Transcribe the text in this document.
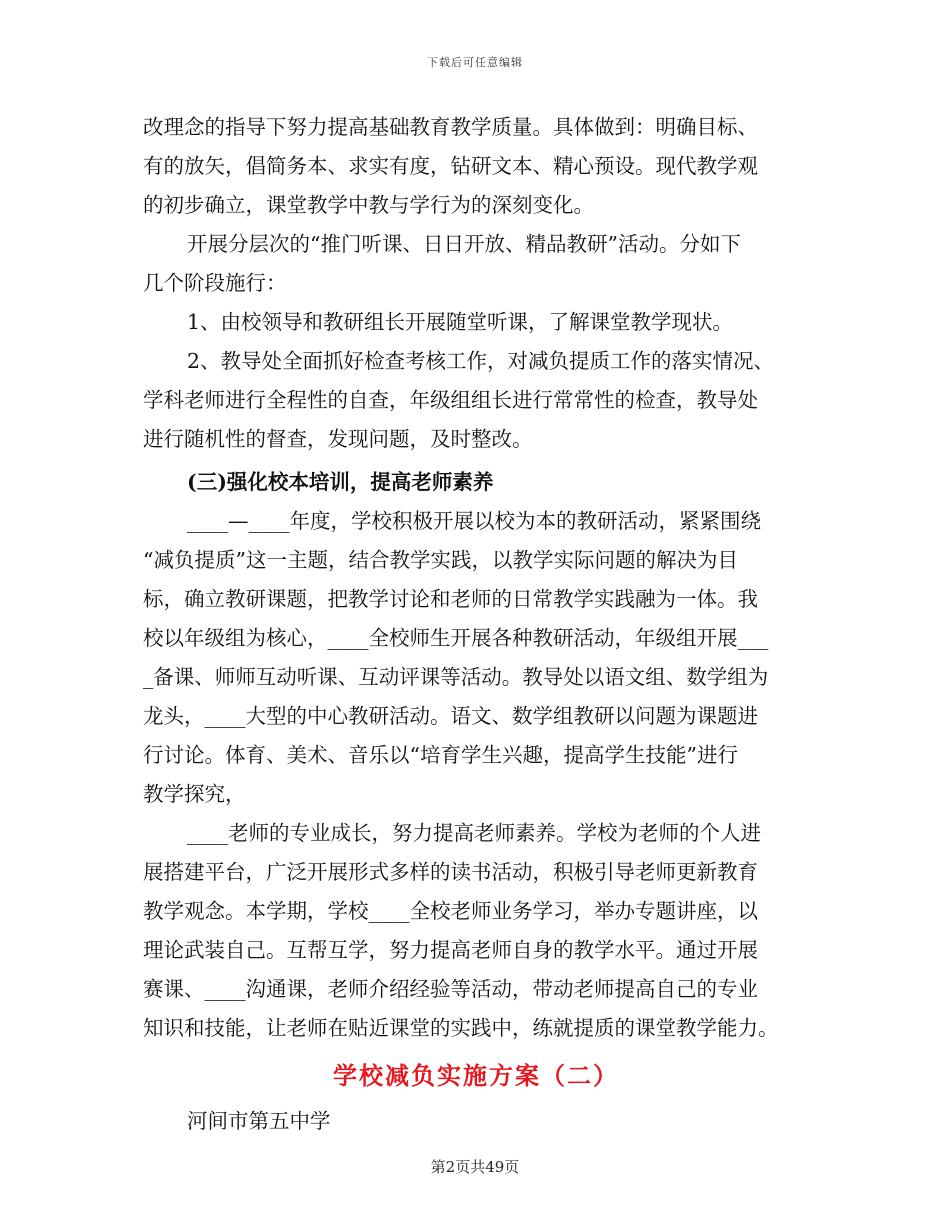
下载后可任意编辑

改理念的指导下努力提高基础教育教学质量。具体做到：明确目标、
有的放矢，倡简务本、求实有度，钻研文本、精心预设。现代教学观
的初步确立，课堂教学中教与学行为的深刻变化。

开展分层次的“推门听课、日日开放、精品教研”活动。分如下
几个阶段施行：

1、由校领导和教研组长开展随堂听课，了解课堂教学现状。

2、教导处全面抓好检查考核工作，对减负提质工作的落实情况、
学科老师进行全程性的自查，年级组组长进行常常性的检查，教导处
进行随机性的督查，发现问题，及时整改。

(三)强化校本培训，提高老师素养

____—____年度，学校积极开展以校为本的教研活动，紧紧围绕
“减负提质”这一主题，结合教学实践，以教学实际问题的解决为目
标，确立教研课题，把教学讨论和老师的日常教学实践融为一体。我
校以年级组为核心，____全校师生开展各种教研活动，年级组开展___
_备课、师师互动听课、互动评课等活动。教导处以语文组、数学组为
龙头，____大型的中心教研活动。语文、数学组教研以问题为课题进
行讨论。体育、美术、音乐以“培育学生兴趣，提高学生技能”进行
教学探究，

____老师的专业成长，努力提高老师素养。学校为老师的个人进
展搭建平台，广泛开展形式多样的读书活动，积极引导老师更新教育
教学观念。本学期，学校____全校老师业务学习，举办专题讲座，以
理论武装自己。互帮互学，努力提高老师自身的教学水平。通过开展
赛课、____沟通课，老师介绍经验等活动，带动老师提高自己的专业
知识和技能，让老师在贴近课堂的实践中，练就提质的课堂教学能力。

学校减负实施方案（二）

河间市第五中学

第2页共49页
